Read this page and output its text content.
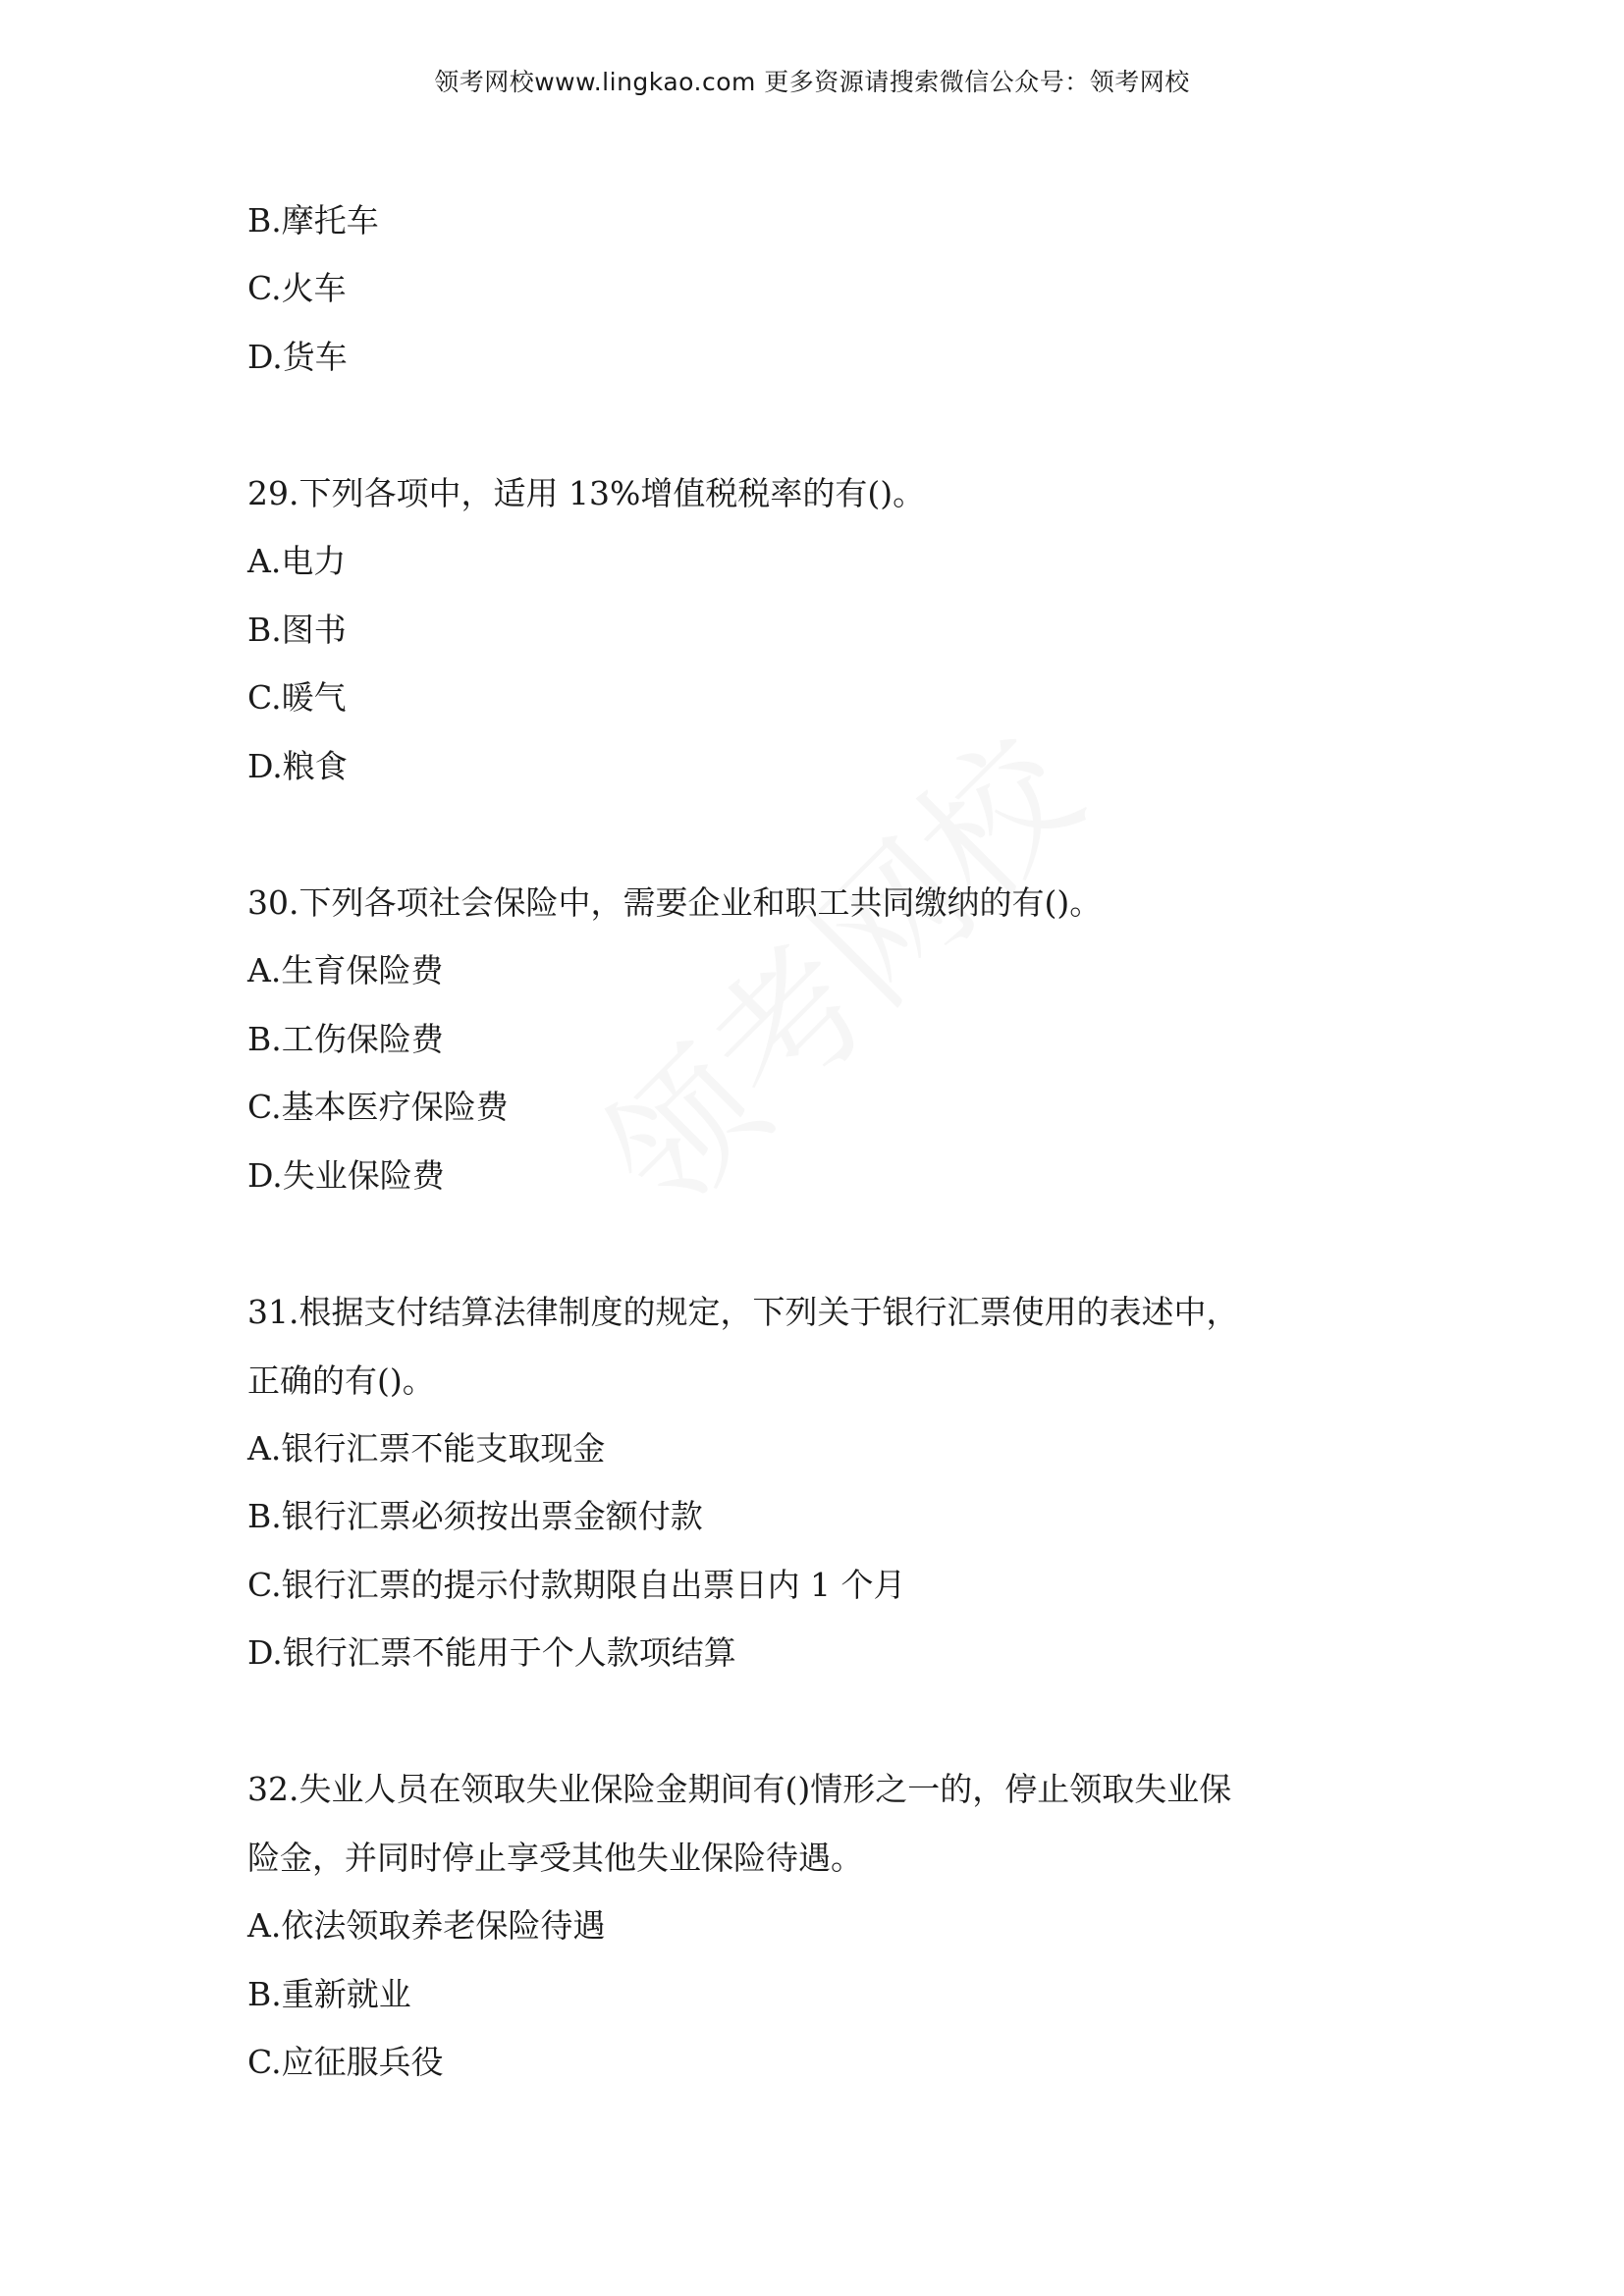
领考网校www.lingkao.com 更多资源请搜索微信公众号：领考网校
B.摩托车
C.火车
D.货车
29.下列各项中，适用 13%增值税税率的有()。
A.电力
B.图书
C.暖气
D.粮食
30.下列各项社会保险中，需要企业和职工共同缴纳的有()。
A.生育保险费
B.工伤保险费
C.基本医疗保险费
D.失业保险费
31.根据支付结算法律制度的规定，下列关于银行汇票使用的表述中，
正确的有()。
A.银行汇票不能支取现金
B.银行汇票必须按出票金额付款
C.银行汇票的提示付款期限自出票日内 1 个月
D.银行汇票不能用于个人款项结算
32.失业人员在领取失业保险金期间有()情形之一的，停止领取失业保
险金，并同时停止享受其他失业保险待遇。
A.依法领取养老保险待遇
B.重新就业
C.应征服兵役
